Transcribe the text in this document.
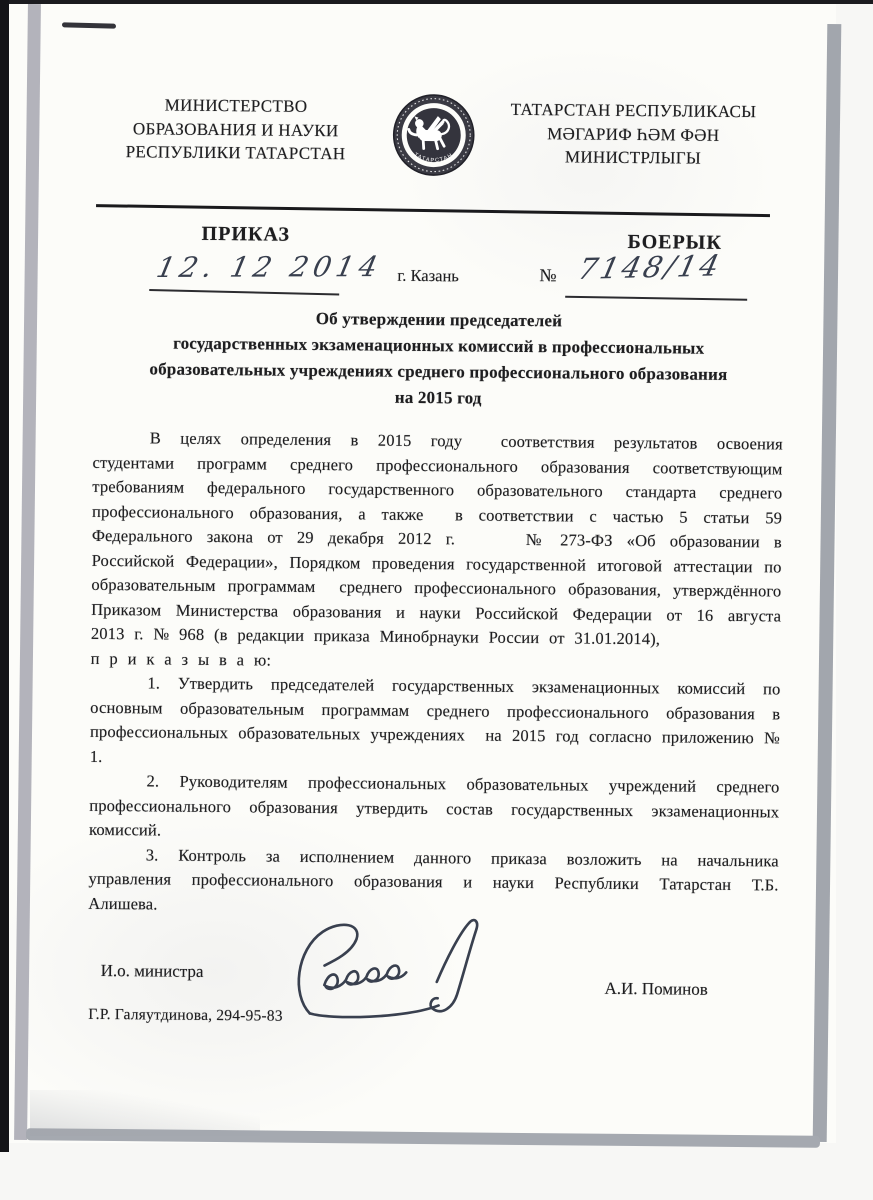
МИНИСТЕРСТВО
ОБРАЗОВАНИЯ И НАУКИ
РЕСПУБЛИКИ ТАТАРСТАН	ТАТАРСТАН
ТАТАРСТАН РЕСПУБЛИКАСЫ
МӘГАРИФ ҺӘМ ФӘН
МИНИСТРЛЫГЫ
ПРИКАЗ	БОЕРЫК
12. 12 2014 г. Казань	№ 7148/14
Об утверждении председателей
государственных экзаменационных комиссий в профессиональных
образовательных учреждениях среднего профессионального образования
на 2015 год

В целях определения в 2015 году  соответствия результатов освоения студентами программ среднего профессионального образования соответствующим требованиям федерального государственного образовательного стандарта среднего профессионального образования, а также  в соответствии с частью 5 статьи 59 Федерального закона от 29 декабря 2012 г.     № 273-ФЗ «Об образовании в Российской Федерации», Порядком проведения государственной итоговой аттестации по образовательным программам  среднего профессионального образования, утверждённого Приказом Министерства образования и науки Российской Федерации от 16 августа 2013 г. № 968 (в редакции приказа Минобрнауки России от 31.01.2014),

п р и к а з ы в а ю:

1. Утвердить председателей государственных экзаменационных комиссий по основным образовательным программам среднего профессионального образования в профессиональных образовательных учреждениях  на 2015 год согласно приложению № 1.

2. Руководителям профессиональных образовательных учреждений среднего профессионального образования утвердить состав государственных экзаменационных комиссий.

3. Контроль за исполнением данного приказа возложить на начальника управления профессионального образования и науки Республики Татарстан Т.Б. Алишева.

И.о. министра
А.И. Поминов
Г.Р. Галяутдинова, 294-95-83
